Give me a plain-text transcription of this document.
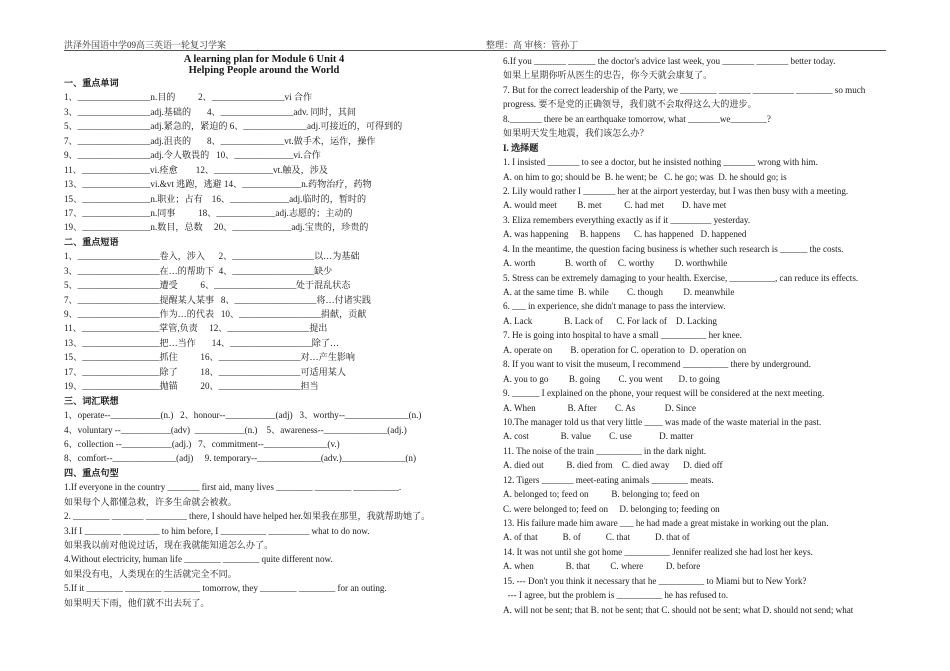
洪泽外国语中学09高三英语一轮复习学案	整理：高 审核：管孙丁
A learning plan for Module 6 Unit 4
Helping People around the World
一、重点单词
1、________________n.目的          2、________________vi 合作
3、________________adj.基础的       4、________________adv. 同时，其间
5、________________adj.紧急的，紧迫的 6、______________adj.可接近的，可得到的
7、________________adj.沮丧的       8、______________vt.做手术，运作，操作
9、________________adj.令人敬畏的   10、_____________vi.合作
11、_______________vi.痊愈        12、_____________vt.触及，涉及
13、_______________vi.&vt 逃跑，逃避 14、_____________n.药物治疗，药物
15、_______________n.职业；占有    16、_____________adj.临时的，暂时的
17、_______________n.同事          18、_____________adj.志愿的；主动的
19、_______________n.数目，总数     20、_____________adj.宝贵的，珍贵的
二、重点短语
1、__________________卷入，涉入      2、__________________以…为基础
3、__________________在…的帮助下  4、__________________缺少
5、__________________遭受          6、__________________处于混乱状态
7、__________________提醒某人某事   8、__________________将…付诸实践
9、__________________作为…的代表   10、__________________捐献，贡献
11、_________________掌管,负责     12、__________________提出
13、_________________把…当作       14、__________________除了…
15、_________________抓住          16、__________________对…产生影响
17、_________________除了          18、__________________可适用某人
19、_________________抛锚          20、__________________担当
三、词汇联想
1、operate--___________(n.)   2、honour--___________(adj)   3、worthy--______________(n.)
4、voluntary --___________(adv)  ___________(n.)    5、awareness--______________(adj.)
6、collection --___________(adj.)   7、commitment--______________(v.)
8、comfort--______________(adj)     9. temporary--______________(adv.)______________(n)
四、重点句型
1.If everyone in the country _______ first aid, many lives ________ ________ __________.
如果每个人都懂急救，许多生命就会被救。
2. ________ _______ _________ there, I should have helped her.如果我在那里，我就帮助她了。
3.If I ________ ________ to him before, I __________ _________ what to do now.
如果我以前对他说过话，现在我就能知道怎么办了。
4.Without electricity, human life ________ ________ quite different now.
如果没有电，人类现在的生活就完全不同。
5.If it ________ ________ ________ tomorrow, they ________ ________ for an outing.
如果明天下雨，他们就不出去玩了。
6.If you _______ ______ the doctor's advice last week, you _______ _______ better today.
如果上星期你听从医生的忠告，你今天就会康复了。
7. But for the correct leadership of the Party, we ________ _______ _________ ________ so much
progress. 要不是党的正确领导，我们就不会取得这么大的进步。
8._______ there be an earthquake tomorrow, what _______we________?
如果明天发生地震，我们该怎么办？
I. 选择题
1. I insisted _______ to see a doctor, but he insisted nothing _______ wrong with him.
A. on him to go; should be  B. he went; be   C. he go; was  D. he should go; is
2. Lily would rather I _______ her at the airport yesterday, but I was then busy with a meeting.
A. would meet         B. met          C. had met        D. have met
3. Eliza remembers everything exactly as if it _________ yesterday.
A. was happening     B. happens      C. has happened   D. happened
4. In the meantime, the question facing business is whether such research is ______ the costs.
A. worth             B. worth of     C. worthy         D. worthwhile
5. Stress can be extremely damaging to your health. Exercise, __________, can reduce its effects.
A. at the same time  B. while        C. though         D. meanwhile
6. ___ in experience, she didn't manage to pass the interview.
A. Lack              B. Lack of      C. For lack of    D. Lacking
7. He is going into hospital to have a small __________ her knee.
A. operate on        B. operation for C. operation to  D. operation on
8. If you want to visit the museum, I recommend __________ there by underground.
A. you to go         B. going        C. you went       D. to going
9. ______ I explained on the phone, your request will be considered at the next meeting.
A. When              B. After        C. As             D. Since
10.The manager told us that very little ____ was made of the waste material in the past.
A. cost              B. value        C. use            D. matter
11. The noise of the train __________ in the dark night.
A. died out          B. died from    C. died away      D. died off
12. Tigers _______ meet-eating animals ________ meats.
A. belonged to; feed on          B. belonging to; feed on
C. were belonged to; feed on     D. belonging to; feeding on
13. His failure made him aware ___ he had made a great mistake in working out the plan.
A. of that           B. of           C. that           D. that of
14. It was not until she got home __________ Jennifer realized she had lost her keys.
A. when              B. that         C. where          D. before
15. --- Don't you think it necessary that he __________ to Miami but to New York?
--- I agree, but the problem is __________ he has refused to.
A. will not be sent; that B. not be sent; that C. should not be sent; what D. should not send; what
